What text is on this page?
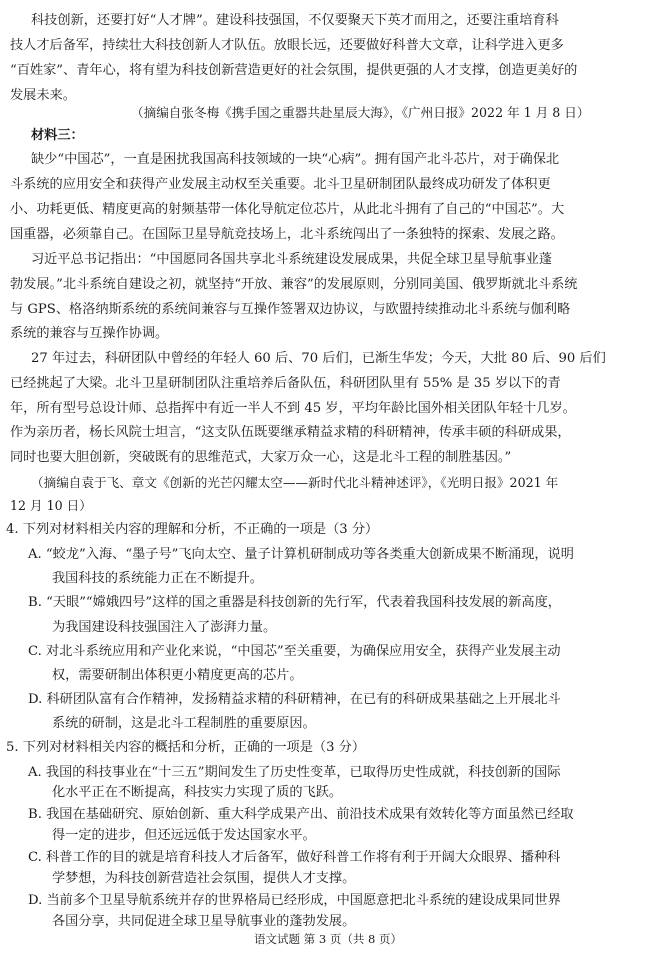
科技创新，还要打好“人才牌”。建设科技强国，不仅要聚天下英才而用之，还要注重培育科
技人才后备军，持续壮大科技创新人才队伍。放眼长远，还要做好科普大文章，让科学进入更多
“百姓家”、青年心，将有望为科技创新营造更好的社会氛围，提供更强的人才支撑，创造更美好的
发展未来。
（摘编自张冬梅《携手国之重器共赴星辰大海》，《广州日报》2022 年 1 月 8 日）
材料三：
缺少“中国芯”，一直是困扰我国高科技领域的一块“心病”。拥有国产北斗芯片，对于确保北
斗系统的应用安全和获得产业发展主动权至关重要。北斗卫星研制团队最终成功研发了体积更
小、功耗更低、精度更高的射频基带一体化导航定位芯片，从此北斗拥有了自己的“中国芯”。大
国重器，必须靠自己。在国际卫星导航竞技场上，北斗系统闯出了一条独特的探索、发展之路。
习近平总书记指出：“中国愿同各国共享北斗系统建设发展成果，共促全球卫星导航事业蓬
勃发展。”北斗系统自建设之初，就坚持“开放、兼容”的发展原则，分别同美国、俄罗斯就北斗系统
与 GPS、格洛纳斯系统的系统间兼容与互操作签署双边协议，与欧盟持续推动北斗系统与伽利略
系统的兼容与互操作协调。
27 年过去，科研团队中曾经的年轻人 60 后、70 后们，已渐生华发；今天，大批 80 后、90 后们
已经挑起了大梁。北斗卫星研制团队注重培养后备队伍，科研团队里有 55% 是 35 岁以下的青
年，所有型号总设计师、总指挥中有近一半人不到 45 岁，平均年龄比国外相关团队年轻十几岁。
作为亲历者，杨长风院士坦言，“这支队伍既要继承精益求精的科研精神，传承丰硕的科研成果，
同时也要大胆创新，突破既有的思维范式，大家万众一心，这是北斗工程的制胜基因。”
（摘编自袁于飞、章文《创新的光芒闪耀太空——新时代北斗精神述评》，《光明日报》2021 年
12 月 10 日）
4. 下列对材料相关内容的理解和分析，不正确的一项是（3 分）
A. “蛟龙”入海、“墨子号”飞向太空、量子计算机研制成功等各类重大创新成果不断涌现，说明
我国科技的系统能力正在不断提升。
B. “天眼”“嫦娥四号”这样的国之重器是科技创新的先行军，代表着我国科技发展的新高度，
为我国建设科技强国注入了澎湃力量。
C. 对北斗系统应用和产业化来说，“中国芯”至关重要，为确保应用安全，获得产业发展主动
权，需要研制出体积更小精度更高的芯片。
D. 科研团队富有合作精神，发扬精益求精的科研精神，在已有的科研成果基础之上开展北斗
系统的研制，这是北斗工程制胜的重要原因。
5. 下列对材料相关内容的概括和分析，正确的一项是（3 分）
A. 我国的科技事业在“十三五”期间发生了历史性变革，已取得历史性成就，科技创新的国际
化水平正在不断提高，科技实力实现了质的飞跃。
B. 我国在基础研究、原始创新、重大科学成果产出、前沿技术成果有效转化等方面虽然已经取
得一定的进步，但还远远低于发达国家水平。
C. 科普工作的目的就是培育科技人才后备军，做好科普工作将有利于开阔大众眼界、播种科
学梦想，为科技创新营造社会氛围，提供人才支撑。
D. 当前多个卫星导航系统并存的世界格局已经形成，中国愿意把北斗系统的建设成果同世界
语文试题 第 3 页（共 8 页）
各国分享，共同促进全球卫星导航事业的蓬勃发展。
